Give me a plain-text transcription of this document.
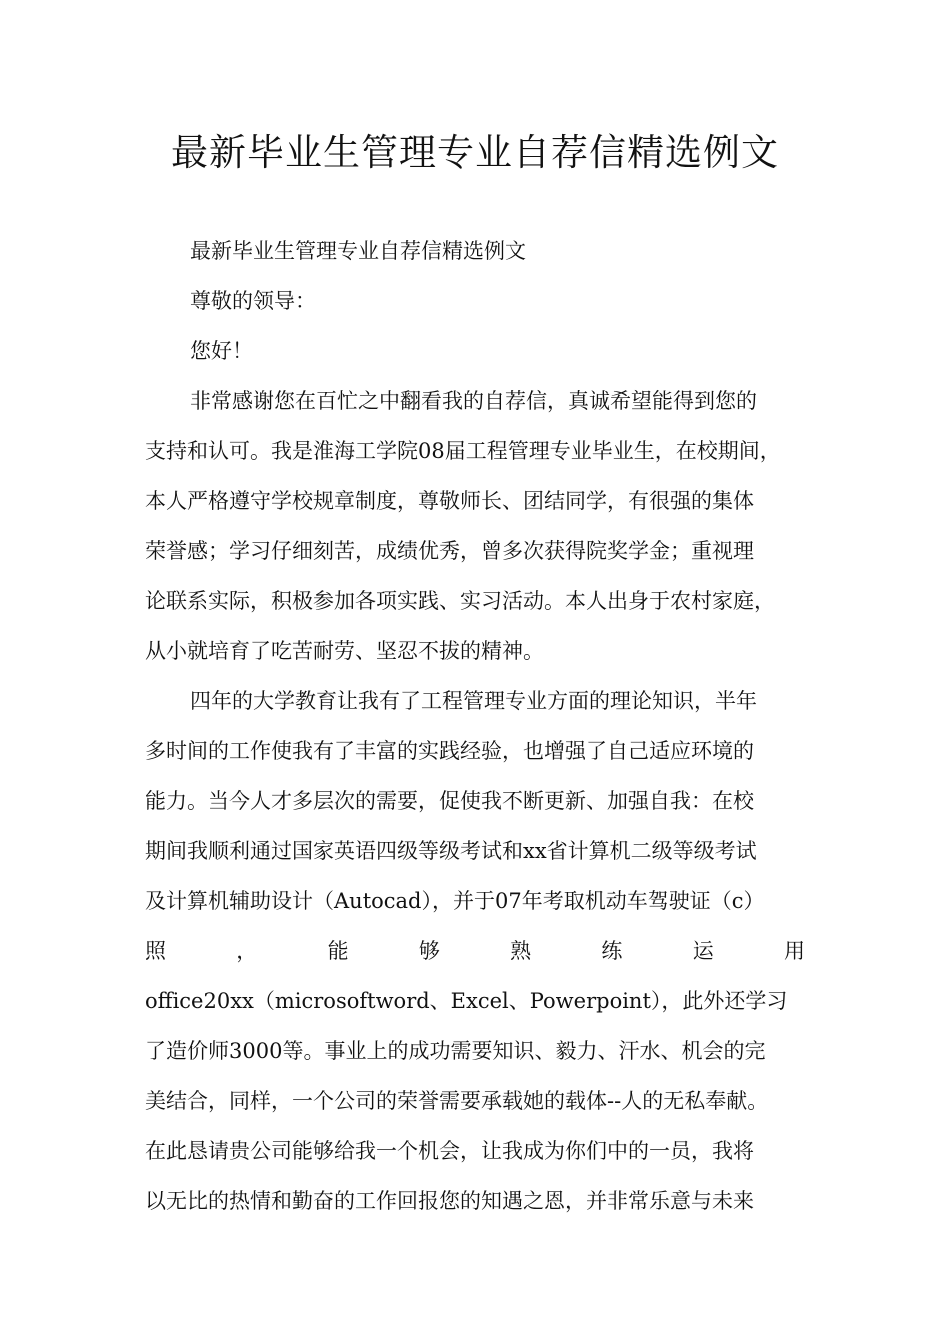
最新毕业生管理专业自荐信精选例文

最新毕业生管理专业自荐信精选例文

尊敬的领导：

您好！

非常感谢您在百忙之中翻看我的自荐信，真诚希望能得到您的

支持和认可。我是淮海工学院08届工程管理专业毕业生，在校期间，

本人严格遵守学校规章制度，尊敬师长、团结同学，有很强的集体

荣誉感；学习仔细刻苦，成绩优秀，曾多次获得院奖学金；重视理

论联系实际，积极参加各项实践、实习活动。本人出身于农村家庭，

从小就培育了吃苦耐劳、坚忍不拔的精神。

四年的大学教育让我有了工程管理专业方面的理论知识，半年

多时间的工作使我有了丰富的实践经验，也增强了自己适应环境的

能力。当今人才多层次的需要，促使我不断更新、加强自我：在校

期间我顺利通过国家英语四级等级考试和xx省计算机二级等级考试

及计算机辅助设计（Autocad），并于07年考取机动车驾驶证（c）

照	，	能	够	熟	练	运	用

office20xx（microsoftword、Excel、Powerpoint），此外还学习

了造价师3000等。事业上的成功需要知识、毅力、汗水、机会的完

美结合，同样，一个公司的荣誉需要承载她的载体--人的无私奉献。

在此恳请贵公司能够给我一个机会，让我成为你们中的一员，我将

以无比的热情和勤奋的工作回报您的知遇之恩，并非常乐意与未来
